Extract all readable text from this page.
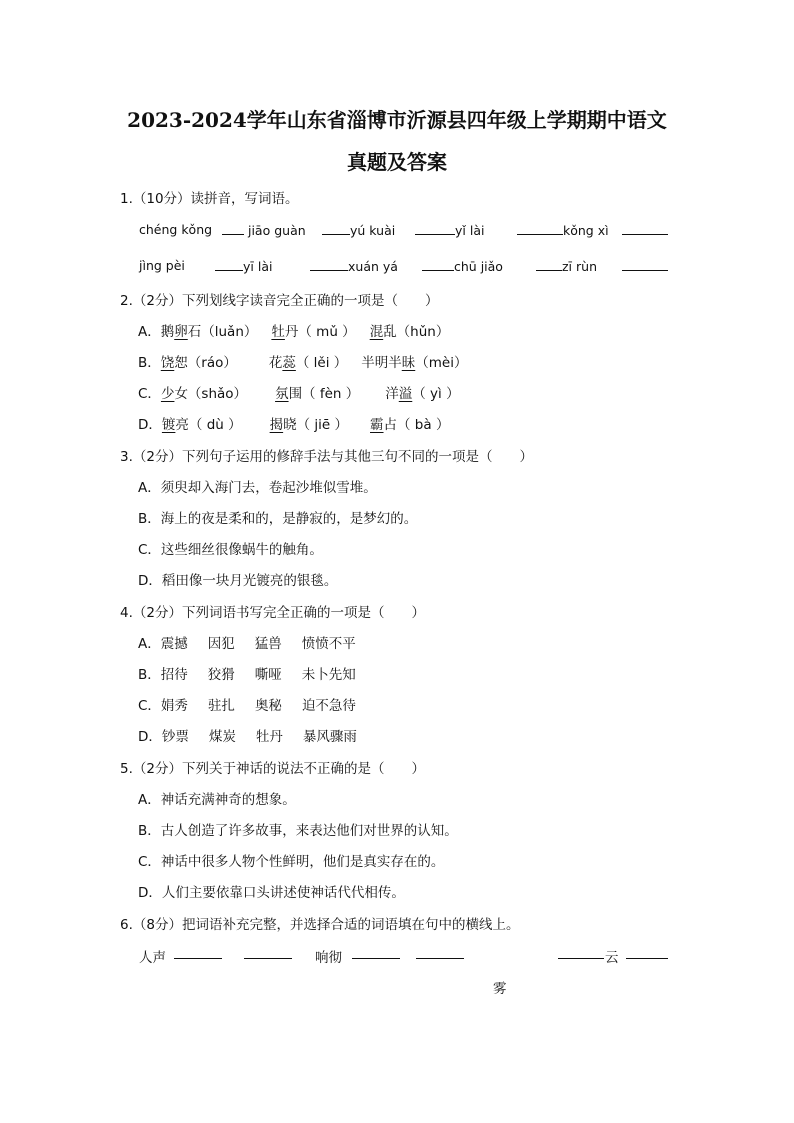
2023-2024学年山东省淄博市沂源县四年级上学期期中语文
真题及答案
1.（10分）读拼音，写词语。
chéng kǒng	jiāo guàn	yú kuài	yǐ lài	kǒng xì
jìng pèi	yī lài	xuán yá	chū jiǎo	zī rùn
2.（2分）下列划线字读音完全正确的一项是（　　）
A．鹅卵石（luǎn） 牡丹（ mǔ ） 混乱（hǔn）
B．饶恕（ráo） 花蕊（ lěi ） 半明半昧（mèi）
C．少女（shǎo） 氛围（ fèn ） 洋溢（ yì ）
D．镀亮（ dù ） 揭晓（ jiē ） 霸占（ bà ）
3.（2分）下列句子运用的修辞手法与其他三句不同的一项是（　　）
A．须臾却入海门去，卷起沙堆似雪堆。
B．海上的夜是柔和的，是静寂的，是梦幻的。
C．这些细丝很像蜗牛的触角。
D．稻田像一块月光镀亮的银毯。
4.（2分）下列词语书写完全正确的一项是（　　）
A．震撼 因犯 猛兽 愤愤不平
B．招待 狡猾 嘶哑 未卜先知
C．娟秀 驻扎 奥秘 迫不急待
D．钞票 煤炭 牡丹 暴风骤雨
5.（2分）下列关于神话的说法不正确的是（　　）
A．神话充满神奇的想象。
B．古人创造了许多故事，来表达他们对世界的认知。
C．神话中很多人物个性鲜明，他们是真实存在的。
D．人们主要依靠口头讲述使神话代代相传。
6.（8分）把词语补充完整，并选择合适的词语填在句中的横线上。
人声	响彻	云
雾
